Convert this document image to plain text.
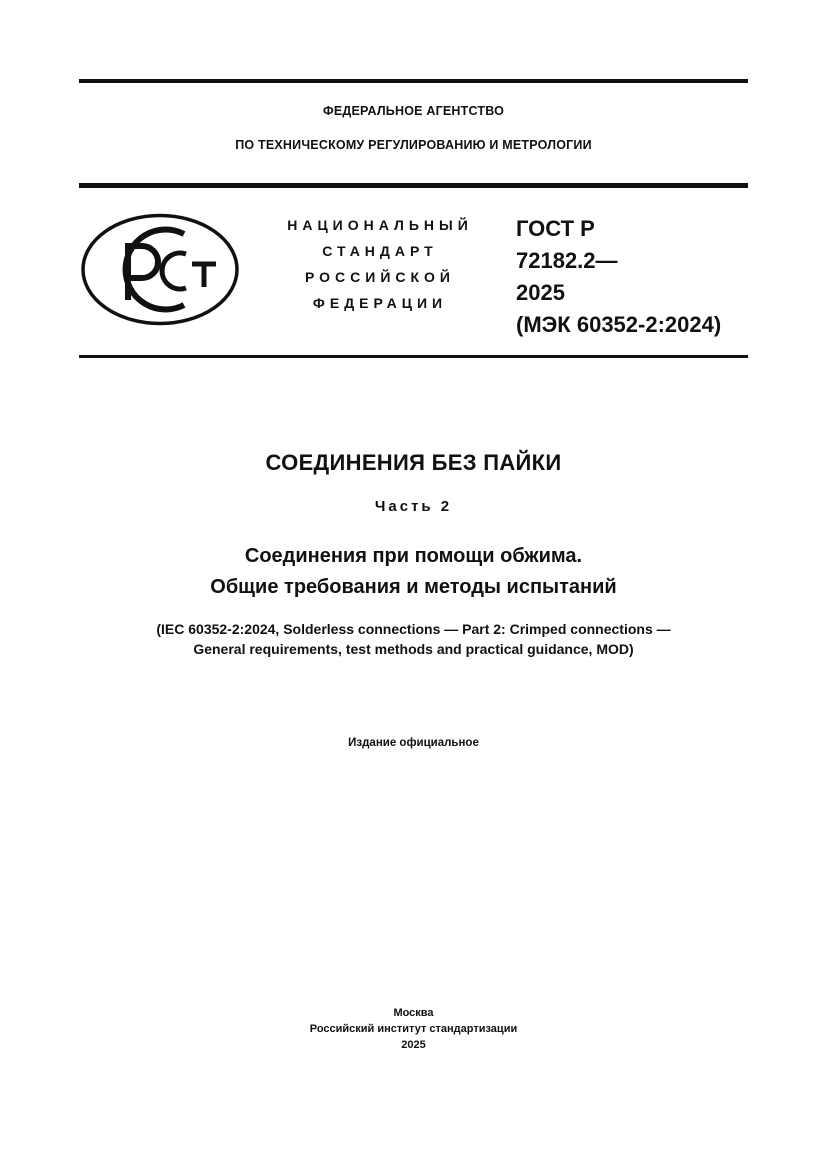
ФЕДЕРАЛЬНОЕ АГЕНТСТВО
ПО ТЕХНИЧЕСКОМУ РЕГУЛИРОВАНИЮ И МЕТРОЛОГИИ
НАЦИОНАЛЬНЫЙ
СТАНДАРТ
РОССИЙСКОЙ
ФЕДЕРАЦИИ
ГОСТ Р
72182.2—
2025
(МЭК 60352-2:2024)
СОЕДИНЕНИЯ БЕЗ ПАЙКИ
Часть 2
Соединения при помощи обжима.
Общие требования и методы испытаний
(IEC 60352-2:2024, Solderless connections — Part 2: Crimped connections —
General requirements, test methods and practical guidance, MOD)
Издание официальное
Москва
Российский институт стандартизации
2025
